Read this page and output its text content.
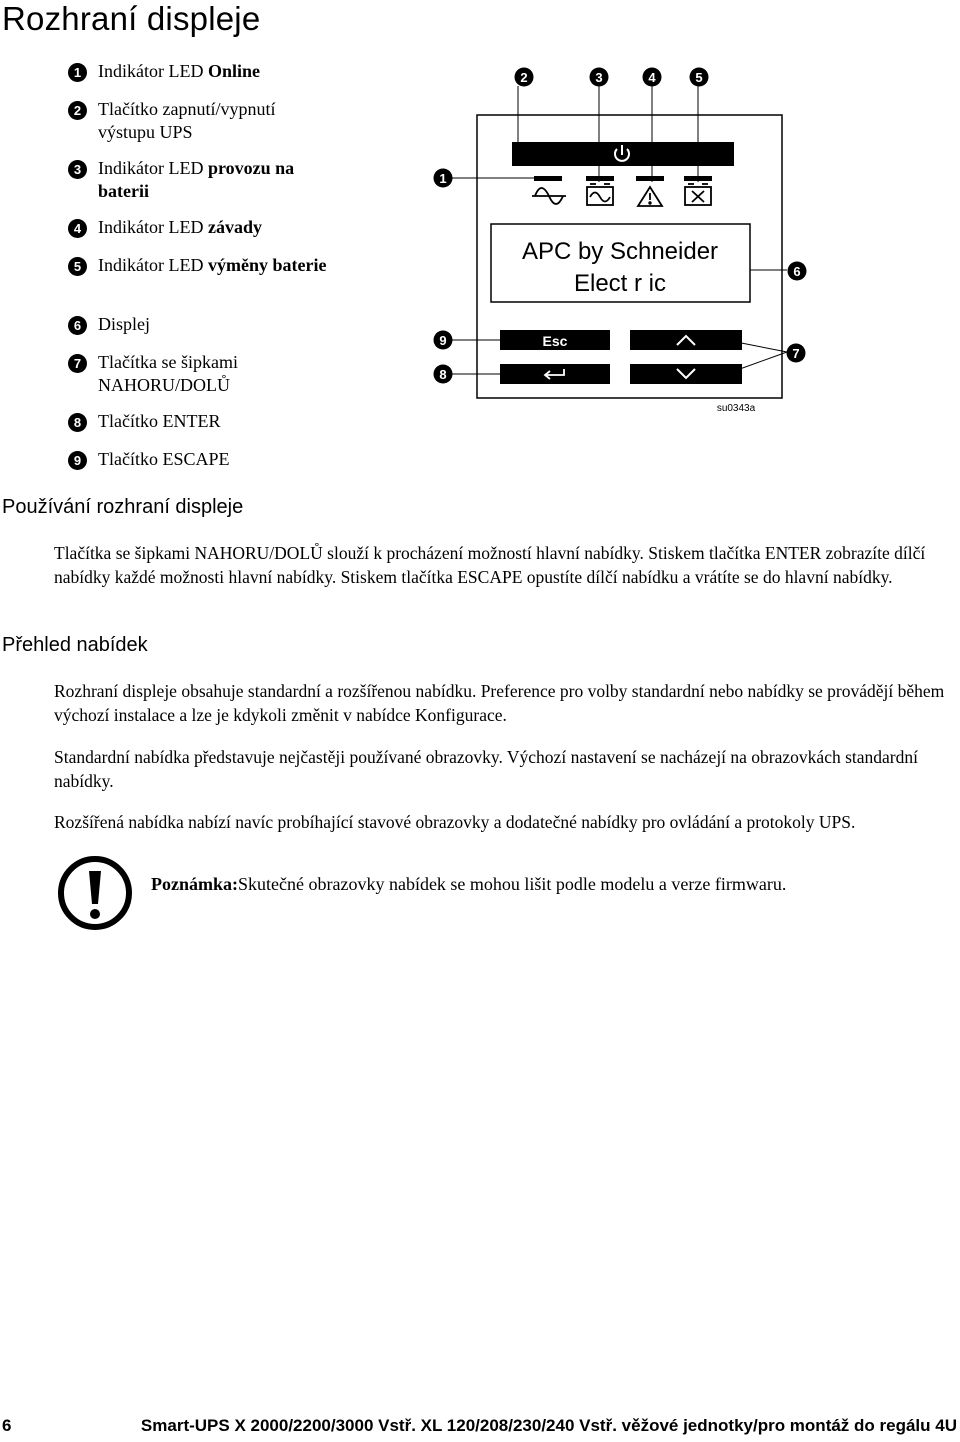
Rozhraní displeje
1 Indikátor LED Online
2 Tlačítko zapnutí/vypnutí výstupu UPS
3 Indikátor LED provozu na baterii
4 Indikátor LED závady
5 Indikátor LED výměny baterie
6 Displej
7 Tlačítka se šipkami NAHORU/DOLŮ
8 Tlačítko ENTER
9 Tlačítko ESCAPE
APC by Schneider
Elect r ic
Esc
su0343a
1
2	3	4	5
6
7
8
9
Používání rozhraní displeje
Tlačítka se šipkami NAHORU/DOLŮ slouží k procházení možností hlavní nabídky. Stiskem tlačítka ENTER zobrazíte dílčí nabídky každé možnosti hlavní nabídky. Stiskem tlačítka ESCAPE opustíte dílčí nabídku a vrátíte se do hlavní nabídky.
Přehled nabídek
Rozhraní displeje obsahuje standardní a rozšířenou nabídku. Preference pro volby standardní nebo nabídky se provádějí během výchozí instalace a lze je kdykoli změnit v nabídce Konfigurace.
Standardní nabídka představuje nejčastěji používané obrazovky. Výchozí nastavení se nacházejí na obrazovkách standardní nabídky.
Rozšířená nabídka nabízí navíc probíhající stavové obrazovky a dodatečné nabídky pro ovládání a protokoly UPS.
Poznámka:Skutečné obrazovky nabídek se mohou lišit podle modelu a verze firmwaru.
6	Smart-UPS X 2000/2200/3000 Vstř. XL 120/208/230/240 Vstř. věžové jednotky/pro montáž do regálu 4U
